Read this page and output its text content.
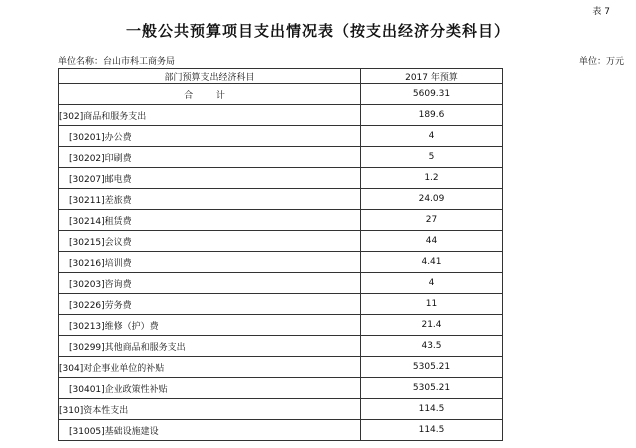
表 7
一般公共预算项目支出情况表（按支出经济分类科目）
单位名称：台山市科工商务局	单位：万元
部门预算支出经济科目	2017 年预算
合 计	5609.31
[302]商品和服务支出	189.6
[30201]办公费	4
[30202]印刷费	5
[30207]邮电费	1.2
[30211]差旅费	24.09
[30214]租赁费	27
[30215]会议费	44
[30216]培训费	4.41
[30203]咨询费	4
[30226]劳务费	11
[30213]维修（护）费	21.4
[30299]其他商品和服务支出	43.5
[304]对企事业单位的补贴	5305.21
[30401]企业政策性补贴	5305.21
[310]资本性支出	114.5
[31005]基础设施建设	114.5
